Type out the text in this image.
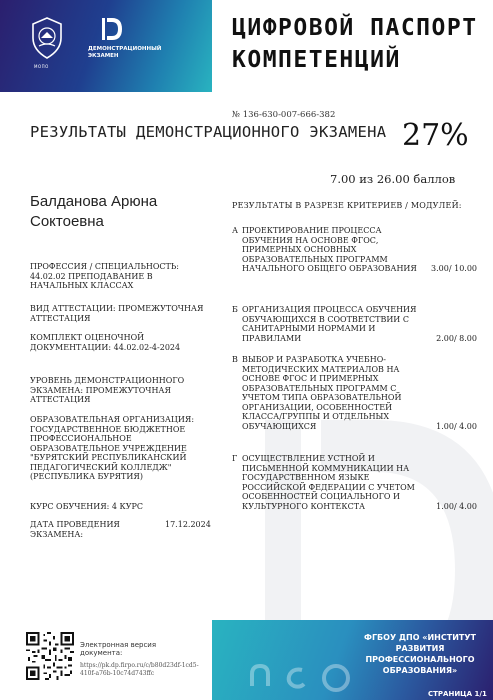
МОПО
ДЕМОНСТРАЦИОННЫЙ ЭКЗАМЕН
ЦИФРОВОЙ ПАСПОРТ КОМПЕТЕНЦИЙ
№ 136-630-007-666-382
РЕЗУЛЬТАТЫ ДЕМОНСТРАЦИОННОГО ЭКЗАМЕНА 27%
7.00 из 26.00 баллов
Балданова Арюна Соктоевна
ПРОФЕССИЯ / СПЕЦИАЛЬНОСТЬ: 44.02.02 ПРЕПОДАВАНИЕ В НАЧАЛЬНЫХ КЛАССАХ
ВИД АТТЕСТАЦИИ: ПРОМЕЖУТОЧНАЯ АТТЕСТАЦИЯ
КОМПЛЕКТ ОЦЕНОЧНОЙ ДОКУМЕНТАЦИИ: 44.02.02-4-2024
УРОВЕНЬ ДЕМОНСТРАЦИОННОГО ЭКЗАМЕНА: ПРОМЕЖУТОЧНАЯ АТТЕСТАЦИЯ
ОБРАЗОВАТЕЛЬНАЯ ОРГАНИЗАЦИЯ: ГОСУДАРСТВЕННОЕ БЮДЖЕТНОЕ ПРОФЕССИОНАЛЬНОЕ ОБРАЗОВАТЕЛЬНОЕ УЧРЕЖДЕНИЕ "БУРЯТСКИЙ РЕСПУБЛИКАНСКИЙ ПЕДАГОГИЧЕСКИЙ КОЛЛЕДЖ" (РЕСПУБЛИКА БУРЯТИЯ)
КУРС ОБУЧЕНИЯ: 4 КУРС
ДАТА ПРОВЕДЕНИЯ ЭКЗАМЕНА:
17.12.2024
РЕЗУЛЬТАТЫ В РАЗРЕЗЕ КРИТЕРИЕВ / МОДУЛЕЙ:
А ПРОЕКТИРОВАНИЕ ПРОЦЕССА ОБУЧЕНИЯ НА ОСНОВЕ ФГОС, ПРИМЕРНЫХ ОСНОВНЫХ ОБРАЗОВАТЕЛЬНЫХ ПРОГРАММ НАЧАЛЬНОГО ОБЩЕГО ОБРАЗОВАНИЯ	3.00/ 10.00
Б ОРГАНИЗАЦИЯ ПРОЦЕССА ОБУЧЕНИЯ ОБУЧАЮЩИХСЯ В СООТВЕТСТВИИ С САНИТАРНЫМИ НОРМАМИ И ПРАВИЛАМИ	2.00/ 8.00
В ВЫБОР И РАЗРАБОТКА УЧЕБНО-МЕТОДИЧЕСКИХ МАТЕРИАЛОВ НА ОСНОВЕ ФГОС И ПРИМЕРНЫХ ОБРАЗОВАТЕЛЬНЫХ ПРОГРАММ С УЧЕТОМ ТИПА ОБРАЗОВАТЕЛЬНОЙ ОРГАНИЗАЦИИ, ОСОБЕННОСТЕЙ КЛАССА/ГРУППЫ И ОТДЕЛЬНЫХ ОБУЧАЮЩИХСЯ	1.00/ 4.00
Г ОСУЩЕСТВЛЕНИЕ УСТНОЙ И ПИСЬМЕННОЙ КОММУНИКАЦИИ НА ГОСУДАРСТВЕННОМ ЯЗЫКЕ РОССИЙСКОЙ ФЕДЕРАЦИИ С УЧЕТОМ ОСОБЕННОСТЕЙ СОЦИАЛЬНОГО И КУЛЬТУРНОГО КОНТЕКСТА	1.00/ 4.00
Электронная версия документа:
https://pk.dp.firpo.ru/c/b80d23df-1cd5-410f-a76b-10c74d743ffc
ФГБОУ ДПО «ИНСТИТУТ РАЗВИТИЯ ПРОФЕССИОНАЛЬНОГО ОБРАЗОВАНИЯ»
СТРАНИЦА 1/1
